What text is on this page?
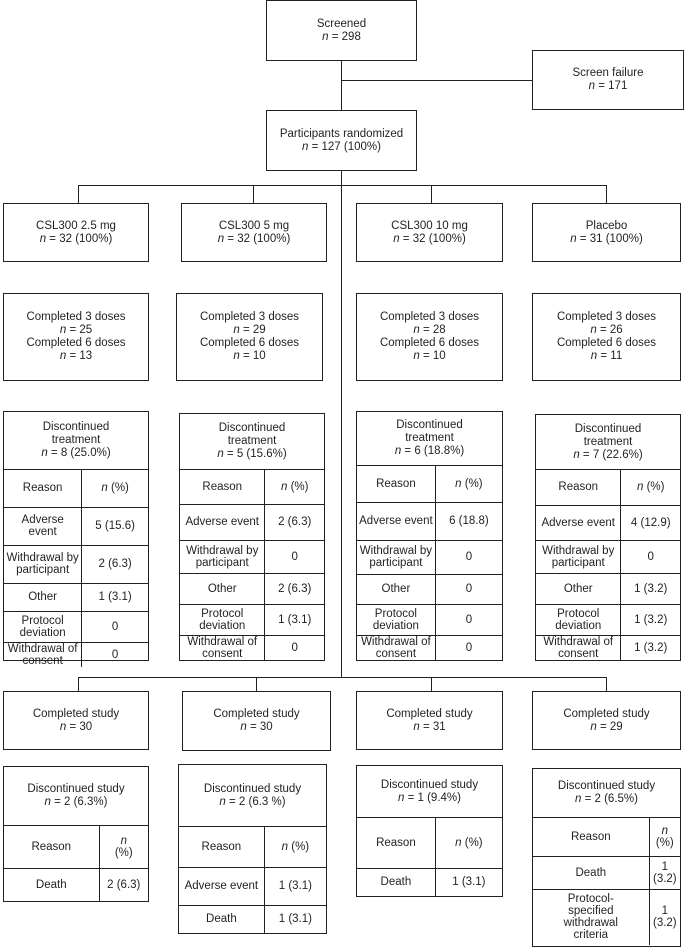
Screened
n = 298
Screen failure
n = 171
Participants randomized
n = 127 (100%)
CSL300 2.5 mg
n = 32 (100%)
Completed 3 doses
n = 25
Completed 6 doses
n = 13
Discontinued treatment
n = 8 (25.0%)
Reason	n (%)
Adverse event	5 (15.6)
Withdrawal by participant	2 (6.3)
Other	1 (3.1)
Protocol deviation	0
Withdrawal of consent	0
Completed study
n = 30
Discontinued study
n = 2 (6.3%)
Reason	n
(%)
Death	2 (6.3)
CSL300 5 mg
n = 32 (100%)
Completed 3 doses
n = 29
Completed 6 doses
n = 10
Discontinued treatment
n = 5 (15.6%)
Reason	n (%)
Adverse event	2 (6.3)
Withdrawal by participant	0
Other	2 (6.3)
Protocol deviation	1 (3.1)
Withdrawal of consent	0
Completed study
n = 30
Discontinued study
n = 2 (6.3 %)
Reason	n (%)
Adverse event	1 (3.1)
Death	1 (3.1)
CSL300 10 mg
n = 32 (100%)
Completed 3 doses
n = 28
Completed 6 doses
n = 10
Discontinued treatment
n = 6 (18.8%)
Reason	n (%)
Adverse event	6 (18.8)
Withdrawal by participant	0
Other	0
Protocol deviation	0
Withdrawal of consent	0
Completed study
n = 31
Discontinued study
n = 1 (9.4%)
Reason	n (%)
Death	1 (3.1)
Placebo
n = 31 (100%)
Completed 3 doses
n = 26
Completed 6 doses
n = 11
Discontinued treatment
n = 7 (22.6%)
Reason	n (%)
Adverse event	4 (12.9)
Withdrawal by participant	0
Other	1 (3.2)
Protocol deviation	1 (3.2)
Withdrawal of consent	1 (3.2)
Completed study
n = 29
Discontinued study
n = 2 (6.5%)
Reason	n
(%)
Death	1 (3.2)
Protocol-specified withdrawal criteria	1 (3.2)
